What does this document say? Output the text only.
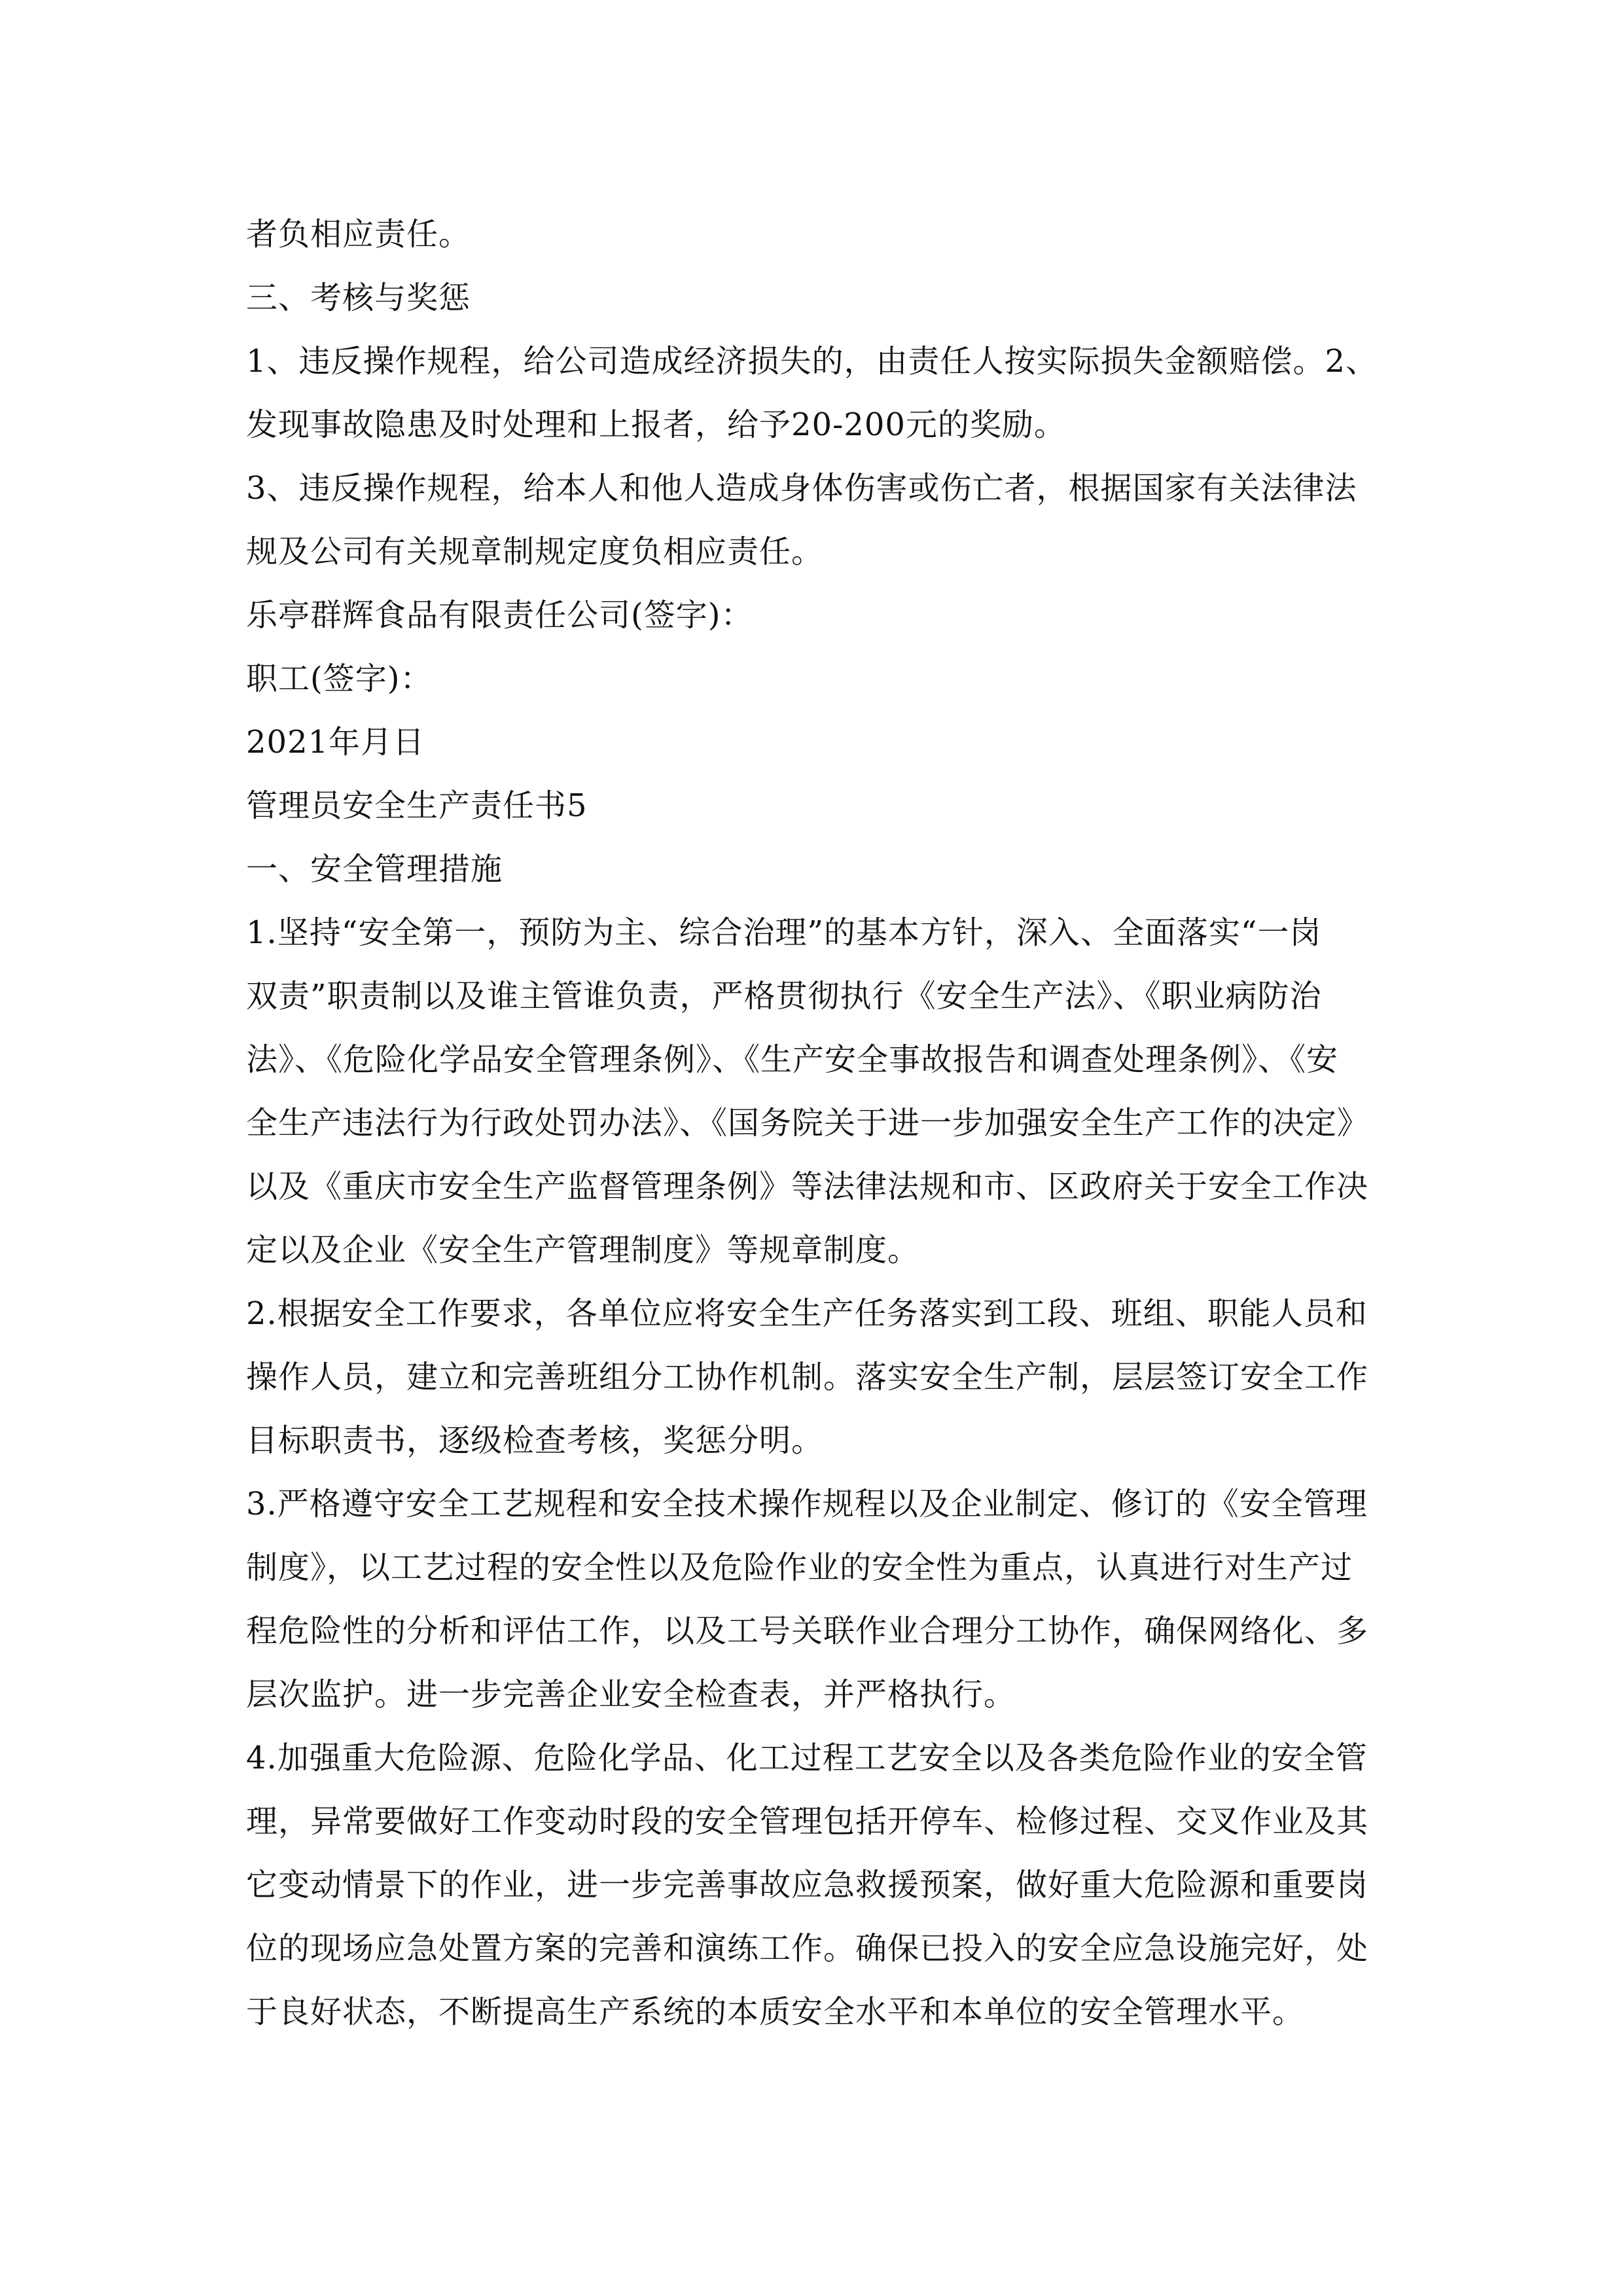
者负相应责任。
三、考核与奖惩
1、违反操作规程，给公司造成经济损失的，由责任人按实际损失金额赔偿。2、
发现事故隐患及时处理和上报者，给予20-200元的奖励。
3、违反操作规程，给本人和他人造成身体伤害或伤亡者，根据国家有关法律法
规及公司有关规章制规定度负相应责任。
乐亭群辉食品有限责任公司(签字)：
职工(签字)：
2021年月日
管理员安全生产责任书5
一、安全管理措施
1.坚持“安全第一，预防为主、综合治理”的基本方针，深入、全面落实“一岗
双责”职责制以及谁主管谁负责，严格贯彻执行《安全生产法》、《职业病防治
法》、《危险化学品安全管理条例》、《生产安全事故报告和调查处理条例》、《安
全生产违法行为行政处罚办法》、《国务院关于进一步加强安全生产工作的决定》
以及《重庆市安全生产监督管理条例》等法律法规和市、区政府关于安全工作决
定以及企业《安全生产管理制度》等规章制度。
2.根据安全工作要求，各单位应将安全生产任务落实到工段、班组、职能人员和
操作人员，建立和完善班组分工协作机制。落实安全生产制，层层签订安全工作
目标职责书，逐级检查考核，奖惩分明。
3.严格遵守安全工艺规程和安全技术操作规程以及企业制定、修订的《安全管理
制度》，以工艺过程的安全性以及危险作业的安全性为重点，认真进行对生产过
程危险性的分析和评估工作，以及工号关联作业合理分工协作，确保网络化、多
层次监护。进一步完善企业安全检查表，并严格执行。
4.加强重大危险源、危险化学品、化工过程工艺安全以及各类危险作业的安全管
理，异常要做好工作变动时段的安全管理包括开停车、检修过程、交叉作业及其
它变动情景下的作业，进一步完善事故应急救援预案，做好重大危险源和重要岗
位的现场应急处置方案的完善和演练工作。确保已投入的安全应急设施完好，处
于良好状态，不断提高生产系统的本质安全水平和本单位的安全管理水平。
